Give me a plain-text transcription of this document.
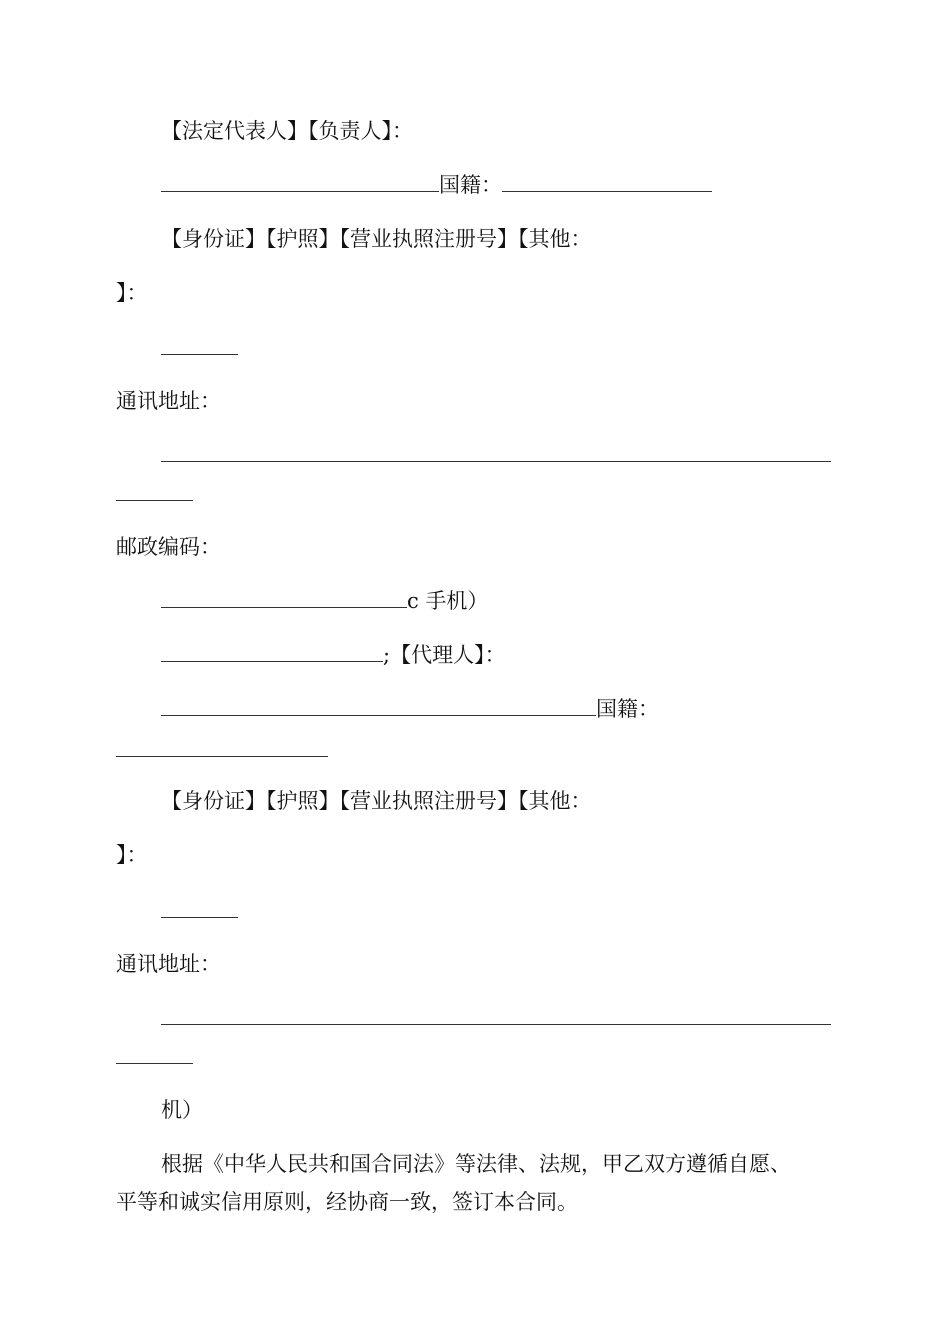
【法定代表人】【负责人】：
国籍：
【身份证】【护照】【营业执照注册号】【其他：
】：
通讯地址：
邮政编码：
c 手机）
;【代理人】：
国籍：
【身份证】【护照】【营业执照注册号】【其他：
】：
通讯地址：
机）
根据《中华人民共和国合同法》等法律、法规，甲乙双方遵循自愿、
平等和诚实信用原则，经协商一致，签订本合同。
